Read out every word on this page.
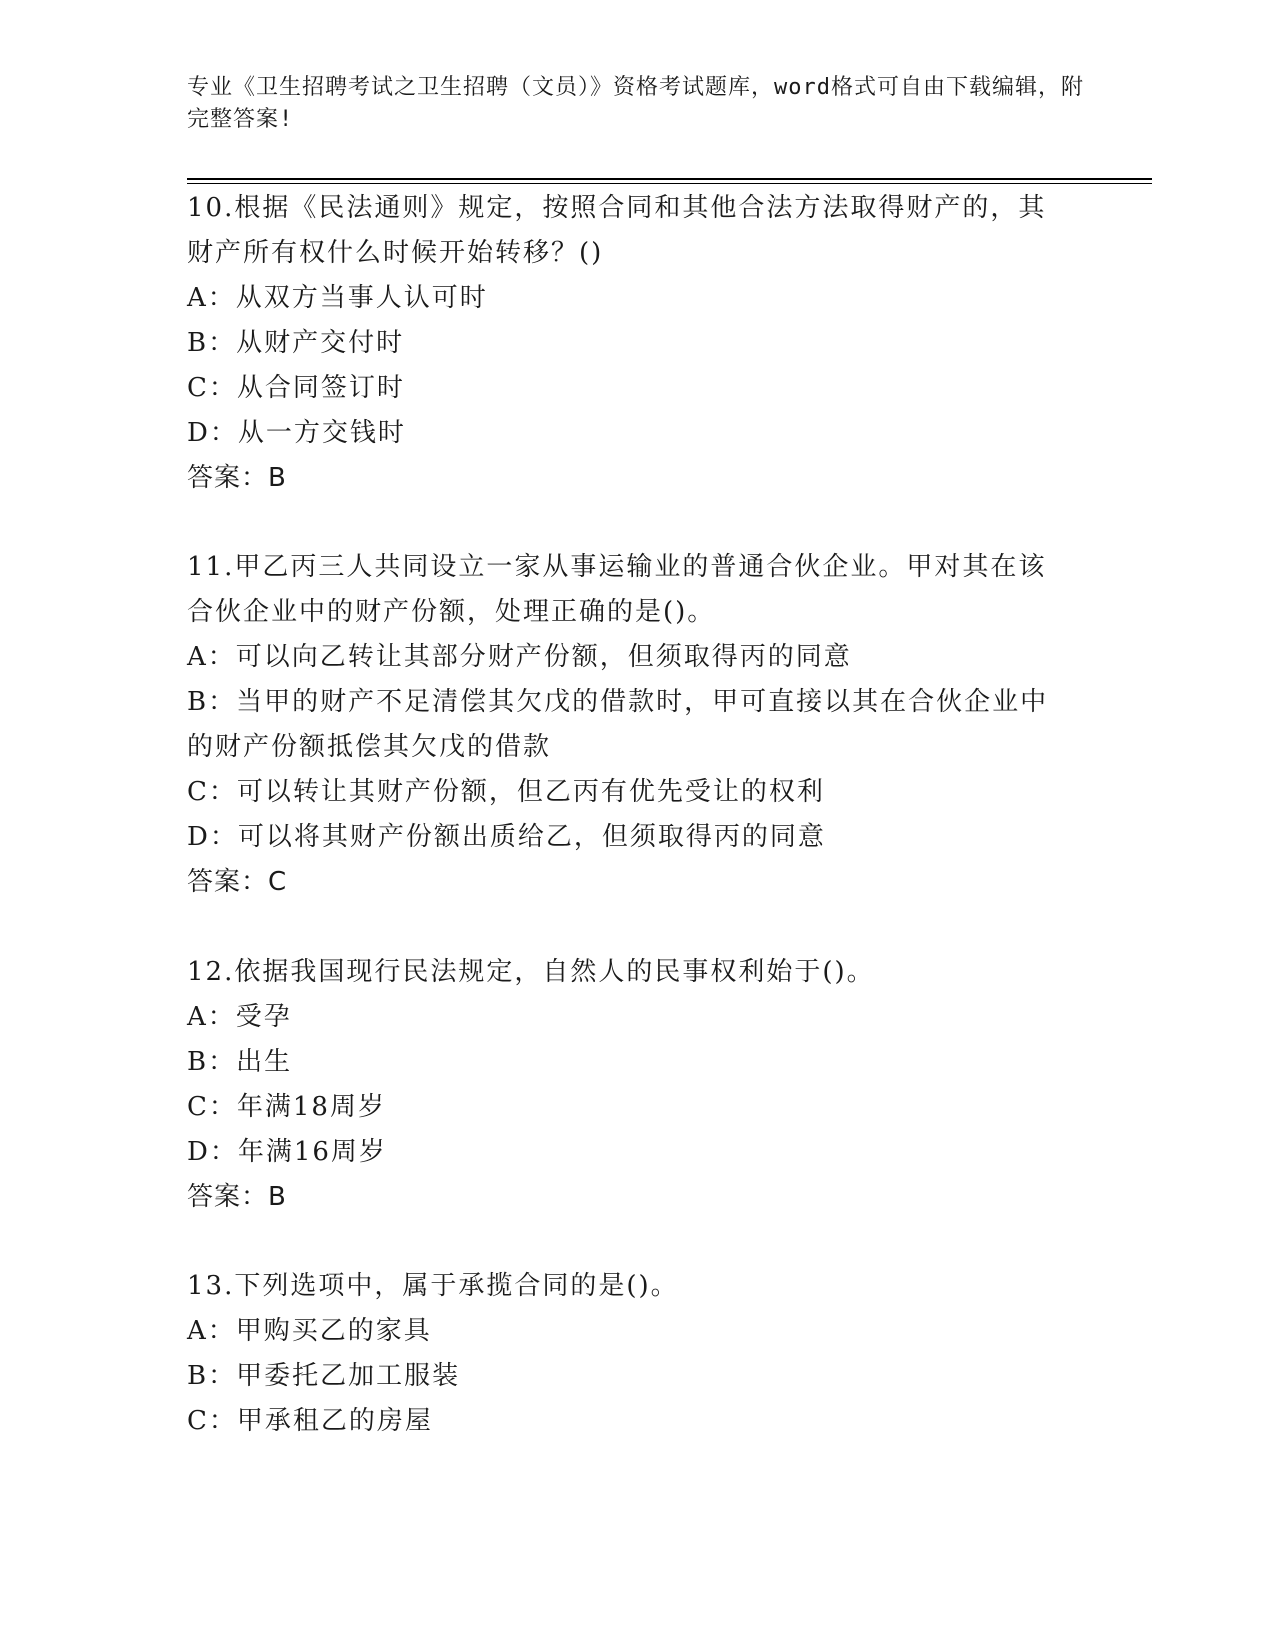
专业《卫生招聘考试之卫生招聘（文员）》资格考试题库，word格式可自由下载编辑，附完整答案!

10.根据《民法通则》规定，按照合同和其他合法方法取得财产的，其财产所有权什么时候开始转移？()

A：从双方当事人认可时

B：从财产交付时

C：从合同签订时

D：从一方交钱时

答案：B

11.甲乙丙三人共同设立一家从事运输业的普通合伙企业。甲对其在该合伙企业中的财产份额，处理正确的是()。

A：可以向乙转让其部分财产份额，但须取得丙的同意

B：当甲的财产不足清偿其欠戊的借款时，甲可直接以其在合伙企业中的财产份额抵偿其欠戊的借款

C：可以转让其财产份额，但乙丙有优先受让的权利

D：可以将其财产份额出质给乙，但须取得丙的同意

答案：C

12.依据我国现行民法规定，自然人的民事权利始于()。

A：受孕

B：出生

C：年满18周岁

D：年满16周岁

答案：B

13.下列选项中，属于承揽合同的是()。

A：甲购买乙的家具

B：甲委托乙加工服装

C：甲承租乙的房屋
